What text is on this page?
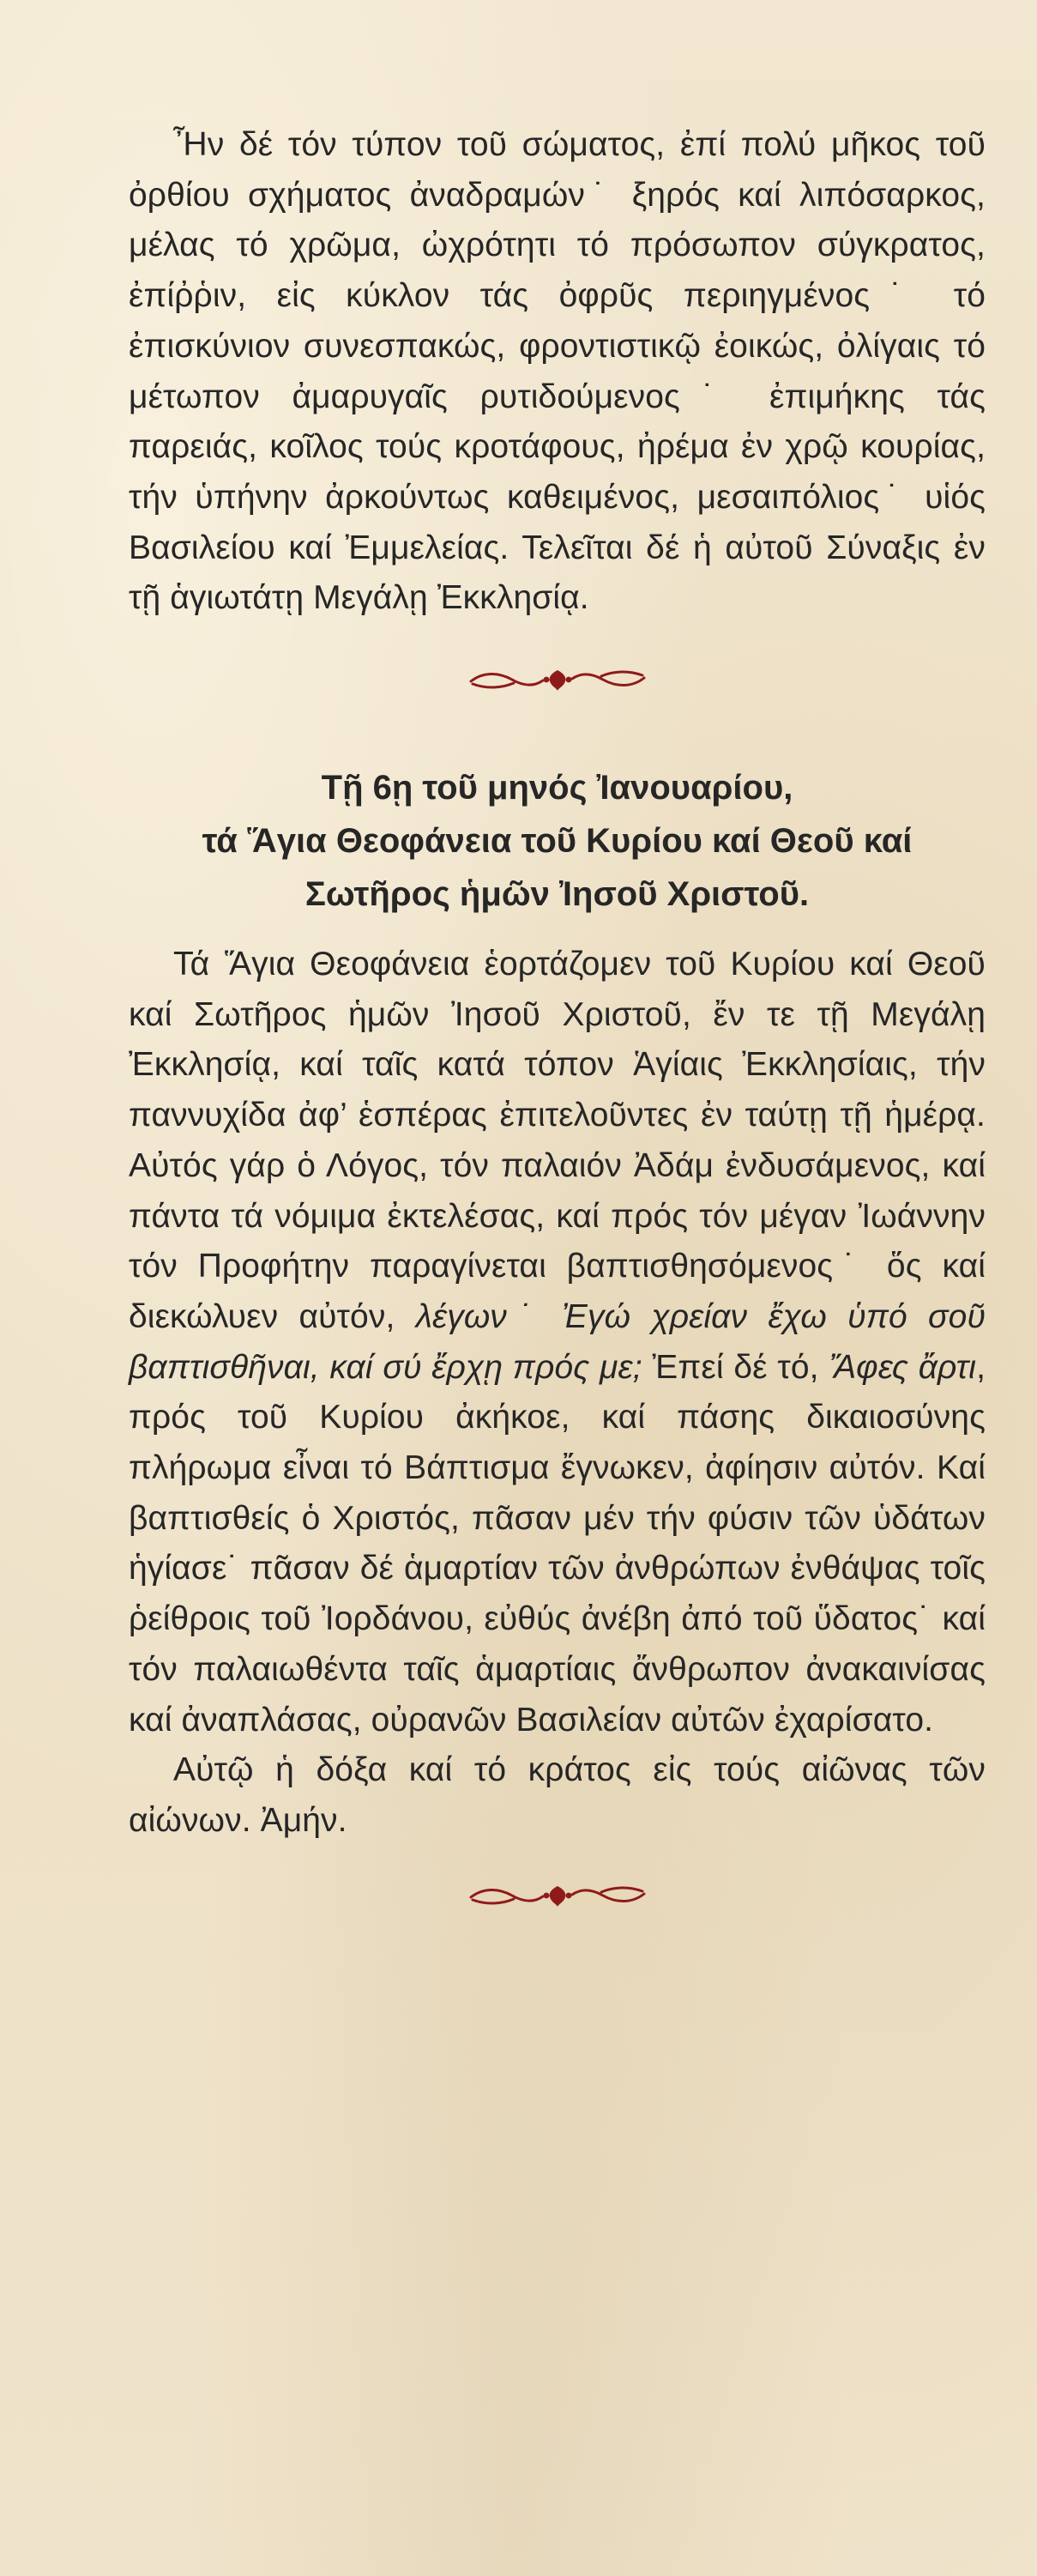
Ἦν δέ τόν τύπον τοῦ σώματος, ἐπί πολύ μῆκος τοῦ ὀρθίου σχήματος ἀναδραμών˙ ξηρός καί λιπόσαρκος, μέλας τό χρῶμα, ὠχρότητι τό πρόσωπον σύγκρατος, ἐπίῤῥιν, εἰς κύκλον τάς ὀφρῦς περιηγμένος˙ τό ἐπισκύνιον συνεσπακώς, φροντιστικῷ ἐοικώς, ὀλίγαις τό μέτωπον ἀμαρυγαῖς ρυτιδούμενος˙ ἐπιμήκης τάς παρειάς, κοῖλος τούς κροτάφους, ἠρέμα ἐν χρῷ κουρίας, τήν ὑπήνην ἀρκούντως καθειμένος, μεσαιπόλιος˙ υἱός Βασιλείου καί Ἐμμελείας. Τελεῖται δέ ἡ αὐτοῦ Σύναξις ἐν τῇ ἁγιωτάτῃ Μεγάλῃ Ἐκκλησίᾳ.

Τῇ 6ῃ τοῦ μηνός Ἰανουαρίου,
τά Ἅγια Θεοφάνεια τοῦ Κυρίου καί Θεοῦ καί
Σωτῆρος ἡμῶν Ἰησοῦ Χριστοῦ.

Τά Ἅγια Θεοφάνεια ἑορτάζομεν τοῦ Κυρίου καί Θεοῦ καί Σωτῆρος ἡμῶν Ἰησοῦ Χριστοῦ, ἔν τε τῇ Μεγάλῃ Ἐκκλησίᾳ, καί ταῖς κατά τόπον Ἁγίαις Ἐκκλησίαις, τήν παννυχίδα ἀφ’ ἑσπέρας ἐπιτελοῦντες ἐν ταύτῃ τῇ ἡμέρᾳ. Αὐτός γάρ ὁ Λόγος, τόν παλαιόν Ἀδάμ ἐνδυσάμενος, καί πάντα τά νόμιμα ἐκτελέσας, καί πρός τόν μέγαν Ἰωάννην τόν Προφήτην παραγίνεται βαπτισθησόμενος˙ ὅς καί διεκώλυεν αὐτόν, λέγων˙ Ἐγώ χρείαν ἔχω ὑπό σοῦ βαπτισθῆναι, καί σύ ἔρχῃ πρός με; Ἐπεί δέ τό, Ἄφες ἄρτι, πρός τοῦ Κυρίου ἀκήκοε, καί πάσης δικαιοσύνης πλήρωμα εἶναι τό Βάπτισμα ἔγνωκεν, ἀφίησιν αὐτόν. Καί βαπτισθείς ὁ Χριστός, πᾶσαν μέν τήν φύσιν τῶν ὑδάτων ἡγίασε˙ πᾶσαν δέ ἁμαρτίαν τῶν ἀνθρώπων ἐνθάψας τοῖς ῥείθροις τοῦ Ἰορδάνου, εὐθύς ἀνέβη ἀπό τοῦ ὕδατος˙ καί τόν παλαιωθέντα ταῖς ἁμαρτίαις ἄνθρωπον ἀνακαινίσας καί ἀναπλάσας, οὐρανῶν Βασιλείαν αὐτῶν ἐχαρίσατο.

Αὐτῷ ἡ δόξα καί τό κράτος εἰς τούς αἰῶνας τῶν αἰώνων. Ἀμήν.
